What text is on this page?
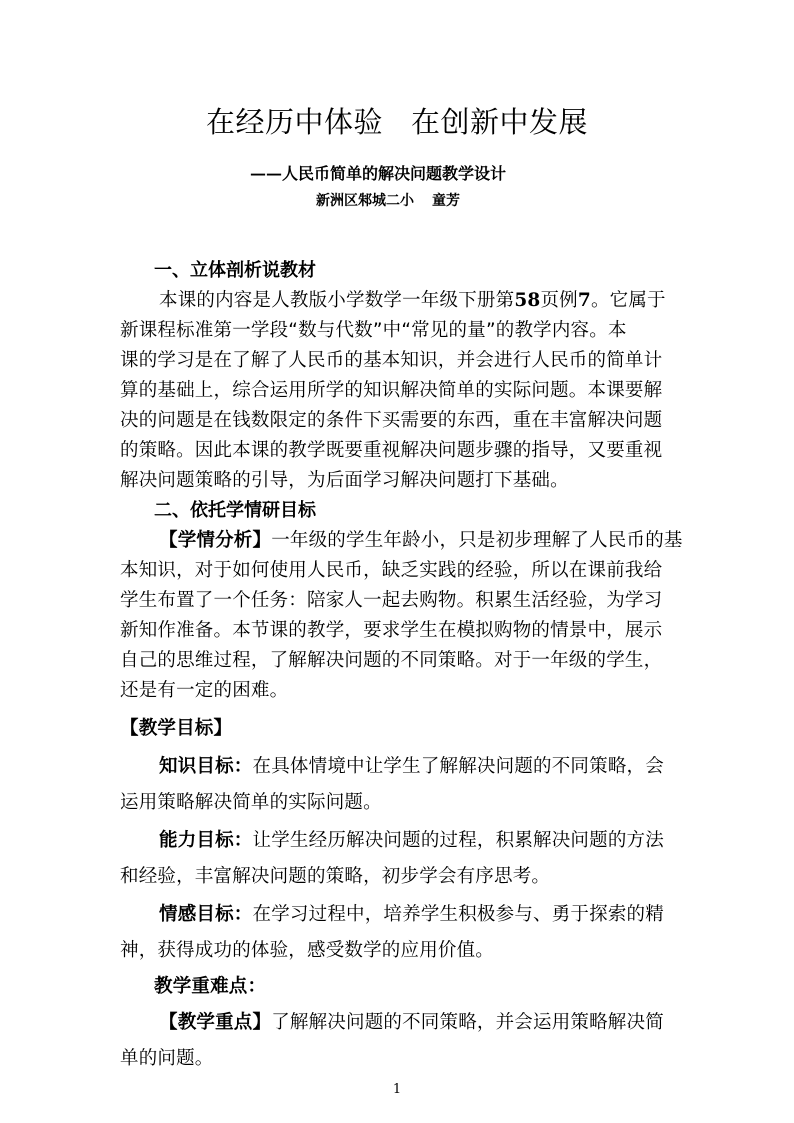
在经历中体验 在创新中发展
——人民币简单的解决问题教学设计
新洲区邾城二小 童芳
一、立体剖析说教材
本课的内容是人教版小学数学一年级下册第58页例7。它属于
新课程标准第一学段“数与代数”中“常见的量”的教学内容。本
课的学习是在了解了人民币的基本知识，并会进行人民币的简单计
算的基础上，综合运用所学的知识解决简单的实际问题。本课要解
决的问题是在钱数限定的条件下买需要的东西，重在丰富解决问题
的策略。因此本课的教学既要重视解决问题步骤的指导，又要重视
解决问题策略的引导，为后面学习解决问题打下基础。
二、依托学情研目标
【学情分析】一年级的学生年龄小，只是初步理解了人民币的基
本知识，对于如何使用人民币，缺乏实践的经验，所以在课前我给
学生布置了一个任务：陪家人一起去购物。积累生活经验，为学习
新知作准备。本节课的教学，要求学生在模拟购物的情景中，展示
自己的思维过程，了解解决问题的不同策略。对于一年级的学生，
还是有一定的困难。
【教学目标】
知识目标：在具体情境中让学生了解解决问题的不同策略，会
运用策略解决简单的实际问题。
能力目标：让学生经历解决问题的过程，积累解决问题的方法
和经验，丰富解决问题的策略，初步学会有序思考。
情感目标：在学习过程中，培养学生积极参与、勇于探索的精
神，获得成功的体验，感受数学的应用价值。
教学重难点：
【教学重点】了解解决问题的不同策略，并会运用策略解决简
单的问题。
1
